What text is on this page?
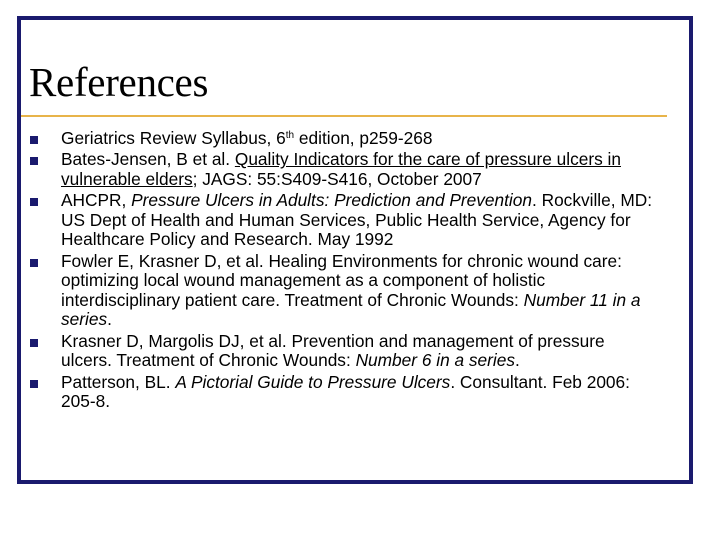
References
Geriatrics Review Syllabus, 6th edition, p259-268
Bates-Jensen, B et al. Quality Indicators for the care of pressure ulcers in vulnerable elders; JAGS: 55:S409-S416, October 2007
AHCPR, Pressure Ulcers in Adults: Prediction and Prevention. Rockville, MD: US Dept of Health and Human Services, Public Health Service, Agency for Healthcare Policy and Research. May 1992
Fowler E, Krasner D, et al. Healing Environments for chronic wound care: optimizing local wound management as a component of holistic interdisciplinary patient care. Treatment of Chronic Wounds: Number 11 in a series.
Krasner D, Margolis DJ, et al. Prevention and management of pressure ulcers. Treatment of Chronic Wounds: Number 6 in a series.
Patterson, BL. A Pictorial Guide to Pressure Ulcers. Consultant. Feb 2006: 205-8.
